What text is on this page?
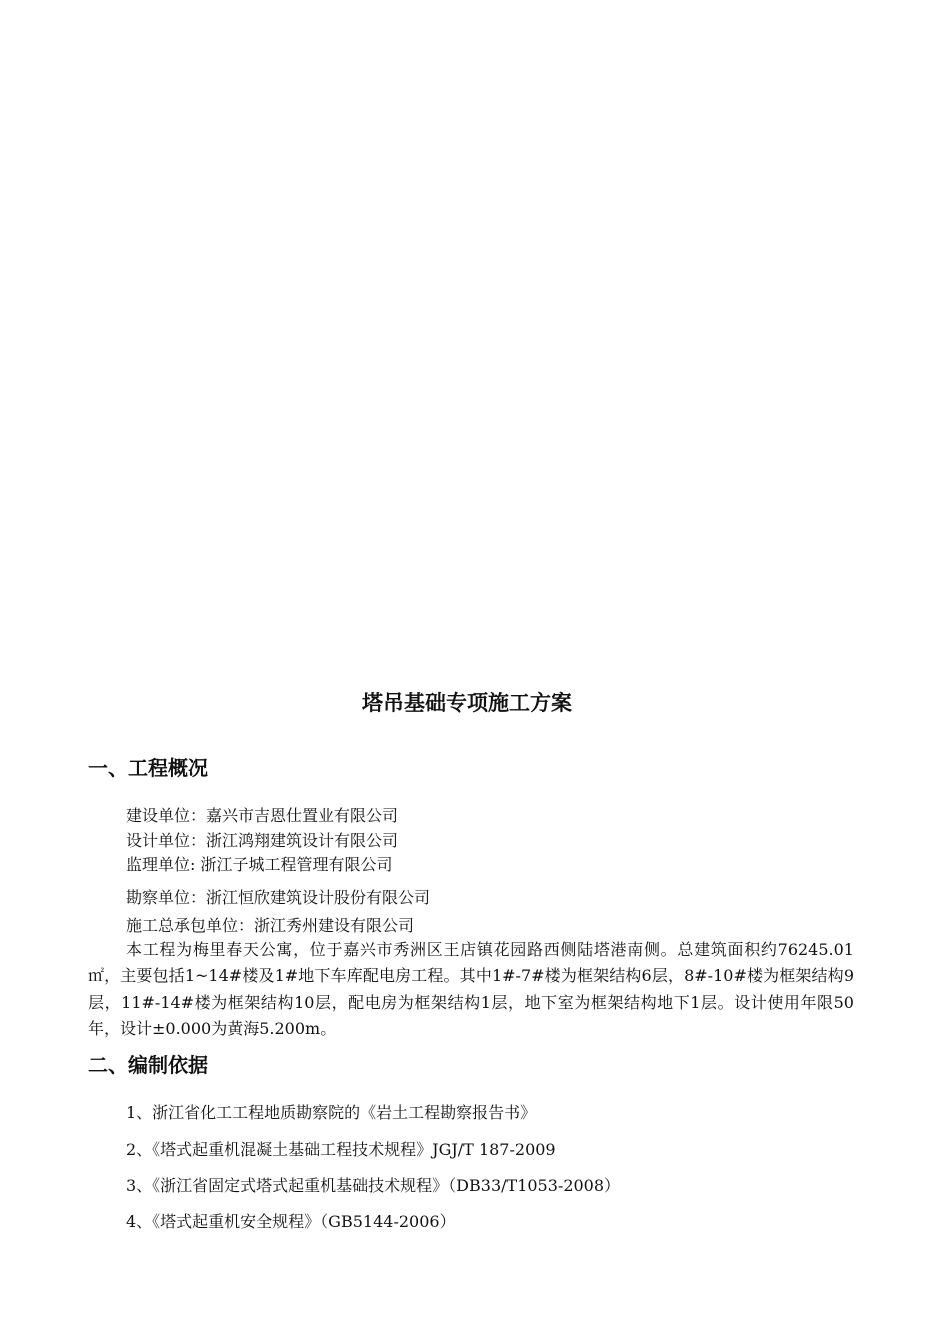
塔吊基础专项施工方案
一、工程概况

建设单位：嘉兴市吉恩仕置业有限公司

设计单位：浙江鸿翔建筑设计有限公司

监理单位: 浙江子城工程管理有限公司

勘察单位：浙江恒欣建筑设计股份有限公司

施工总承包单位：浙江秀州建设有限公司

本工程为梅里春天公寓，位于嘉兴市秀洲区王店镇花园路西侧陆塔港南侧。总建筑面积约76245.01㎡，主要包括1~14#楼及1#地下车库配电房工程。其中1#-7#楼为框架结构6层，8#-10#楼为框架结构9层，11#-14#楼为框架结构10层，配电房为框架结构1层，地下室为框架结构地下1层。设计使用年限50年，设计±0.000为黄海5.200m。

二、编制依据

1、浙江省化工工程地质勘察院的《岩土工程勘察报告书》

2、《塔式起重机混凝土基础工程技术规程》JGJ/T 187-2009

3、《浙江省固定式塔式起重机基础技术规程》（DB33/T1053-2008）

4、《塔式起重机安全规程》（GB5144-2006）
